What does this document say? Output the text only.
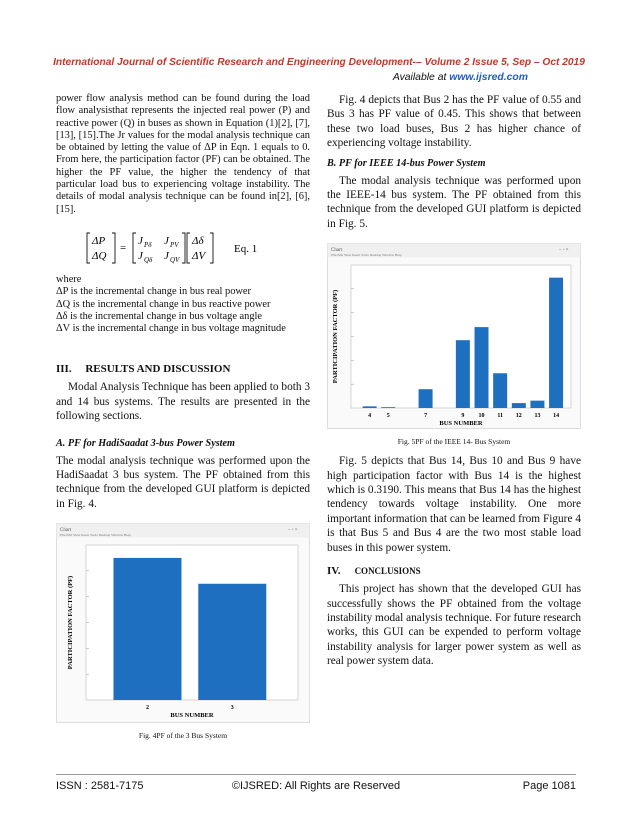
International Journal of Scientific Research and Engineering Development-– Volume 2 Issue 5, Sep – Oct 2019
Available at www.ijsred.com

power flow analysis method can be found during the load flow analysisthat represents the injected real power (P) and reactive power (Q) in buses as shown in Equation (1)[2], [7], [13], [15].The Jr values for the modal analysis technique can be obtained by letting the value of ΔP in Eqn. 1 equals to 0. From here, the participation factor (PF) can be obtained. The higher the PF value, the higher the tendency of that particular load bus to experiencing voltage instability. The details of modal analysis technique can be found in[2], [6], [15].

ΔP
ΔQ
=
J Pδ J PV
J Qδ J QV
Δδ
ΔV
Eq. 1

where

ΔP is the incremental change in bus real power

ΔQ is the incremental change in bus reactive power

Δδ is the incremental change in bus voltage angle

ΔV is the incremental change in bus voltage magnitude

III.     RESULTS AND DISCUSSION

Modal Analysis Technique has been applied to both 3 and 14 bus systems. The results are presented in the following sections.

A. PF for HadiSaadat 3-bus Power System

The modal analysis technique was performed upon the HadiSaadat 3 bus system. The PF obtained from this technique from the developed GUI platform is depicted in Fig. 4.

Chart
File Edit View Insert Tools Desktop Window Help
– ▫ ×
2	3
BUS NUMBER
PARTICIPATION FACTOR (PF)
Fig. 4PF of the 3 Bus System

Fig. 4 depicts that Bus 2 has the PF value of 0.55 and Bus 3 has PF value of 0.45. This shows that between these two load buses, Bus 2 has higher chance of experiencing voltage instability.

B. PF for IEEE 14-bus Power System

The modal analysis technique was performed upon the IEEE-14 bus system. The PF obtained from this technique from the developed GUI platform is depicted in Fig. 5.

Chart
File Edit View Insert Tools Desktop Window Help
– ▫ ×
4	5	7	9 10 11 12 13 14
BUS NUMBER
PARTICIPATION FACTOR (PF)
Fig. 5PF of the IEEE 14- Bus System

Fig. 5 depicts that Bus 14, Bus 10 and Bus 9 have high participation factor with Bus 14 is the highest which is 0.3190. This means that Bus 14 has the highest tendency towards voltage instability. One more important information that can be learned from Figure 4 is that Bus 5 and Bus 4 are the two most stable load buses in this power system.

IV. CONCLUSIONS

This project has shown that the developed GUI has successfully shows the PF obtained from the voltage instability modal analysis technique. For future research works, this GUI can be expended to perform voltage instability analysis for larger power system as well as real power system data.

ISSN : 2581-7175	©IJSRED: All Rights are Reserved	Page 1081
